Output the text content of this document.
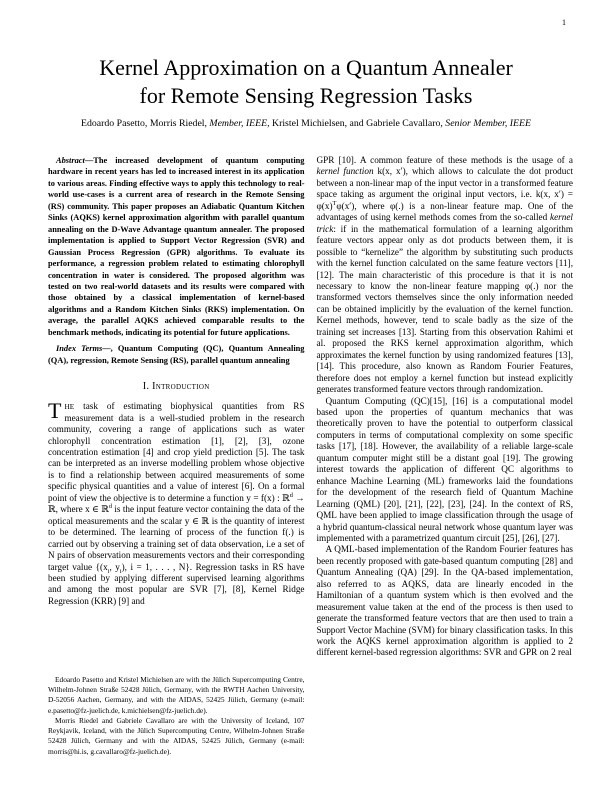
1
Kernel Approximation on a Quantum Annealer
for Remote Sensing Regression Tasks

Edoardo Pasetto, Morris Riedel, Member, IEEE, Kristel Michielsen, and Gabriele Cavallaro, Senior Member, IEEE

Abstract—The increased development of quantum computing hardware in recent years has led to increased interest in its application to various areas. Finding effective ways to apply this technology to real-world use-cases is a current area of research in the Remote Sensing (RS) community. This paper proposes an Adiabatic Quantum Kitchen Sinks (AQKS) kernel approximation algorithm with parallel quantum annealing on the D-Wave Advantage quantum annealer. The proposed implementation is applied to Support Vector Regression (SVR) and Gaussian Process Regression (GPR) algorithms. To evaluate its performance, a regression problem related to estimating chlorophyll concentration in water is considered. The proposed algorithm was tested on two real-world datasets and its results were compared with those obtained by a classical implementation of kernel-based algorithms and a Random Kitchen Sinks (RKS) implementation. On average, the parallel AQKS achieved comparable results to the benchmark methods, indicating its potential for future applications.

Index Terms—, Quantum Computing (QC), Quantum Annealing (QA), regression, Remote Sensing (RS), parallel quantum annealing

I. Introduction

THE task of estimating biophysical quantities from RS measurement data is a well-studied problem in the research community, covering a range of applications such as water chlorophyll concentration estimation [1], [2], [3], ozone concentration estimation [4] and crop yield prediction [5]. The task can be interpreted as an inverse modelling problem whose objective is to find a relationship between acquired measurements of some specific physical quantities and a value of interest [6]. On a formal point of view the objective is to determine a function y = f(x) : ℝ$^d$ → ℝ, where x ∈ ℝ$^d$ is the input feature vector containing the data of the optical measurements and the scalar y ∈ ℝ is the quantity of interest to be determined. The learning of process of the function f(.) is carried out by observing a training set of data observation, i.e a set of N pairs of observation measurements vectors and their corresponding target value {($x_i$, $y_i$), i = 1, . . . , N}. Regression tasks in RS have been studied by applying different supervised learning algorithms and among the most popular are SVR [7], [8], Kernel Ridge Regression (KRR) [9] and

Edoardo Pasetto and Kristel Michielsen are with the Jülich Supercomputing Centre, Wilhelm-Johnen Straße 52428 Jülich, Germany, with the RWTH Aachen University, D-52056 Aachen, Germany, and with the AIDAS, 52425 Jülich, Germany (e-mail: e.pasetto@fz-juelich.de, k.michielsen@fz-juelich.de).

Morris Riedel and Gabriele Cavallaro are with the University of Iceland, 107 Reykjavik, Iceland, with the Jülich Supercomputing Centre, Wilhelm-Johnen Straße 52428 Jülich, Germany and with the AIDAS, 52425 Jülich, Germany (e-mail: morris@hi.is, g.cavallaro@fz-juelich.de).

GPR [10]. A common feature of these methods is the usage of a kernel function k(x, x′), which allows to calculate the dot product between a non-linear map of the input vector in a transformed feature space taking as argument the original input vectors, i.e. k(x, $x') = \varphi(x)^T\varphi(x')$, where φ(.) is a non-linear feature map. One of the advantages of using kernel methods comes from the so-called kernel trick: if in the mathematical formulation of a learning algorithm feature vectors appear only as dot products between them, it is possible to “kernelize” the algorithm by substituting such products with the kernel function calculated on the same feature vectors [11], [12]. The main characteristic of this procedure is that it is not necessary to know the non-linear feature mapping φ(.) nor the transformed vectors themselves since the only information needed can be obtained implicitly by the evaluation of the kernel function. Kernel methods, however, tend to scale badly as the size of the training set increases [13]. Starting from this observation Rahimi et al. proposed the RKS kernel approximation algorithm, which approximates the kernel function by using randomized features [13], [14]. This procedure, also known as Random Fourier Features, therefore does not employ a kernel function but instead explicitly generates transformed feature vectors through randomization.

Quantum Computing (QC)[15], [16] is a computational model based upon the properties of quantum mechanics that was theoretically proven to have the potential to outperform classical computers in terms of computational complexity on some specific tasks [17], [18]. However, the availability of a reliable large-scale quantum computer might still be a distant goal [19]. The growing interest towards the application of different QC algorithms to enhance Machine Learning (ML) frameworks laid the foundations for the development of the research field of Quantum Machine Learning (QML) [20], [21], [22], [23], [24]. In the context of RS, QML have been applied to image classification through the usage of a hybrid quantum-classical neural network whose quantum layer was implemented with a parametrized quantum circuit [25], [26], [27].

A QML-based implementation of the Random Fourier features has been recently proposed with gate-based quantum computing [28] and Quantum Annealing (QA) [29]. In the QA-based implementation, also referred to as AQKS, data are linearly encoded in the Hamiltonian of a quantum system which is then evolved and the measurement value taken at the end of the process is then used to generate the transformed feature vectors that are then used to train a Support Vector Machine (SVM) for binary classification tasks. In this work the AQKS kernel approximation algorithm is applied to 2 different kernel-based regression algorithms: SVR and GPR on 2 real
